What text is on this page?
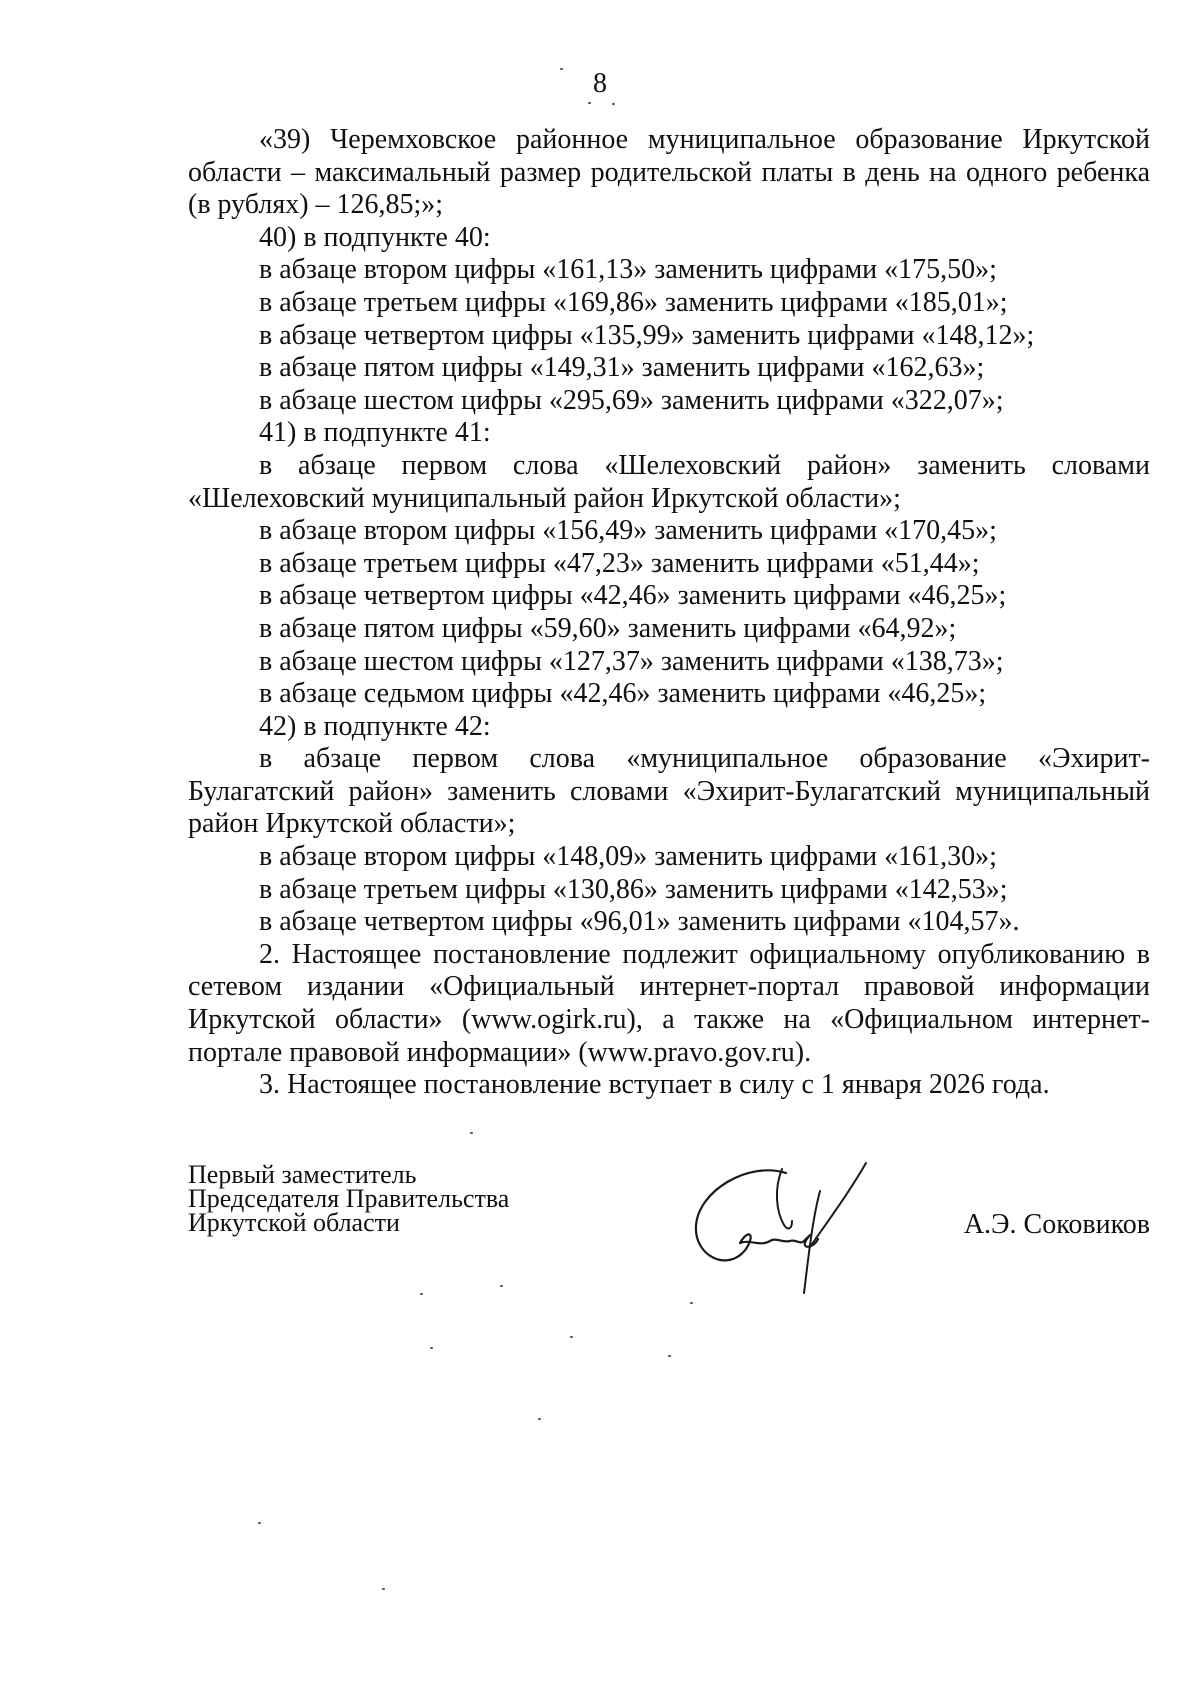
8

«39) Черемховское районное муниципальное образование Иркутской области – максимальный размер родительской платы в день на одного ребенка (в рублях) – 126,85;»;

40) в подпункте 40:

в абзаце втором цифры «161,13» заменить цифрами «175,50»;

в абзаце третьем цифры «169,86» заменить цифрами «185,01»;

в абзаце четвертом цифры «135,99» заменить цифрами «148,12»;

в абзаце пятом цифры «149,31» заменить цифрами «162,63»;

в абзаце шестом цифры «295,69» заменить цифрами «322,07»;

41) в подпункте 41:

в абзаце первом слова «Шелеховский район» заменить словами «Шелеховский муниципальный район Иркутской области»;

в абзаце втором цифры «156,49» заменить цифрами «170,45»;

в абзаце третьем цифры «47,23» заменить цифрами «51,44»;

в абзаце четвертом цифры «42,46» заменить цифрами «46,25»;

в абзаце пятом цифры «59,60» заменить цифрами «64,92»;

в абзаце шестом цифры «127,37» заменить цифрами «138,73»;

в абзаце седьмом цифры «42,46» заменить цифрами «46,25»;

42) в подпункте 42:

в абзаце первом слова «муниципальное образование «Эхирит-Булагатский район» заменить словами «Эхирит-Булагатский муниципальный район Иркутской области»;

в абзаце втором цифры «148,09» заменить цифрами «161,30»;

в абзаце третьем цифры «130,86» заменить цифрами «142,53»;

в абзаце четвертом цифры «96,01» заменить цифрами «104,57».

2. Настоящее постановление подлежит официальному опубликованию в сетевом издании «Официальный интернет-портал правовой информации Иркутской области» (www.ogirk.ru), а также на «Официальном интернет-портале правовой информации» (www.pravo.gov.ru).

3. Настоящее постановление вступает в силу с 1 января 2026 года.

Первый заместитель
Председателя Правительства
Иркутской области	А.Э. Соковиков
